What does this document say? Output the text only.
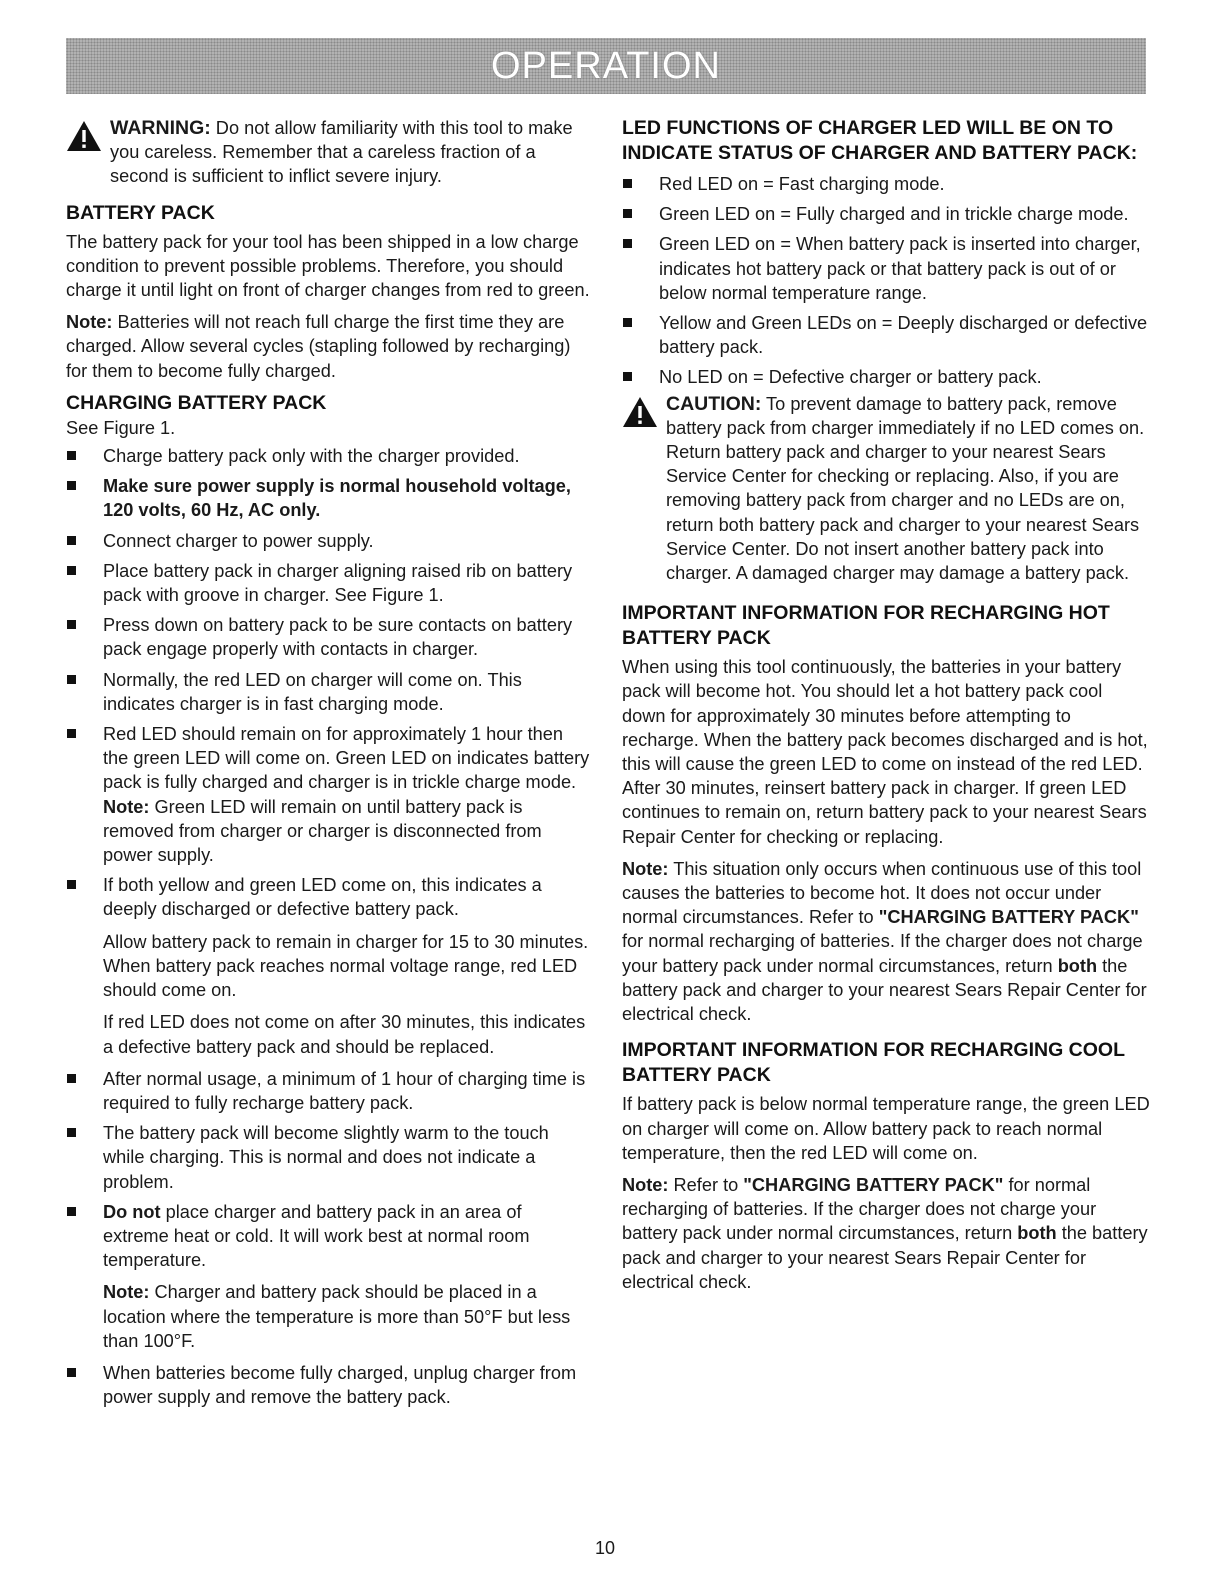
OPERATION
WARNING: Do not allow familiarity with this tool to make you careless. Remember that a careless fraction of a second is sufficient to inflict severe injury.
BATTERY PACK

The battery pack for your tool has been shipped in a low charge condition to prevent possible problems. Therefore, you should charge it until light on front of charger changes from red to green.

Note: Batteries will not reach full charge the first time they are charged. Allow several cycles (stapling followed by recharging) for them to become fully charged.

CHARGING BATTERY PACK

See Figure 1.

Charge battery pack only with the charger provided.
Make sure power supply is normal household voltage, 120 volts, 60 Hz, AC only.
Connect charger to power supply.
Place battery pack in charger aligning raised rib on battery pack with groove in charger. See Figure 1.
Press down on battery pack to be sure contacts on battery pack engage properly with contacts in charger.
Normally, the red LED on charger will come on. This indicates charger is in fast charging mode.
Red LED should remain on for approximately 1 hour then the green LED will come on. Green LED on indicates battery pack is fully charged and charger is in trickle charge mode. Note: Green LED will remain on until battery pack is removed from charger or charger is disconnected from power supply.
If both yellow and green LED come on, this indicates a deeply discharged or defective battery pack.

Allow battery pack to remain in charger for 15 to 30 minutes. When battery pack reaches normal voltage range, red LED should come on.

If red LED does not come on after 30 minutes, this indicates a defective battery pack and should be replaced.

After normal usage, a minimum of 1 hour of charging time is required to fully recharge battery pack.
The battery pack will become slightly warm to the touch while charging. This is normal and does not indicate a problem.
Do not place charger and battery pack in an area of extreme heat or cold. It will work best at normal room temperature.

Note: Charger and battery pack should be placed in a location where the temperature is more than 50°F but less than 100°F.

When batteries become fully charged, unplug charger from power supply and remove the battery pack.
LED FUNCTIONS OF CHARGER LED WILL BE ON TO INDICATE STATUS OF CHARGER AND BATTERY PACK:
Red LED on = Fast charging mode.
Green LED on = Fully charged and in trickle charge mode.
Green LED on = When battery pack is inserted into charger, indicates hot battery pack or that battery pack is out of or below normal temperature range.
Yellow and Green LEDs on = Deeply discharged or defective battery pack.
No LED on = Defective charger or battery pack.
CAUTION: To prevent damage to battery pack, remove battery pack from charger immediately if no LED comes on. Return battery pack and charger to your nearest Sears Service Center for checking or replacing. Also, if you are removing battery pack from charger and no LEDs are on, return both battery pack and charger to your nearest Sears Service Center. Do not insert another battery pack into charger. A damaged charger may damage a battery pack.
IMPORTANT INFORMATION FOR RECHARGING HOT BATTERY PACK

When using this tool continuously, the batteries in your battery pack will become hot. You should let a hot battery pack cool down for approximately 30 minutes before attempting to recharge. When the battery pack becomes discharged and is hot, this will cause the green LED to come on instead of the red LED. After 30 minutes, reinsert battery pack in charger. If green LED continues to remain on, return battery pack to your nearest Sears Repair Center for checking or replacing.

Note: This situation only occurs when continuous use of this tool causes the batteries to become hot. It does not occur under normal circumstances. Refer to "CHARGING BATTERY PACK" for normal recharging of batteries. If the charger does not charge your battery pack under normal circumstances, return both the battery pack and charger to your nearest Sears Repair Center for electrical check.

IMPORTANT INFORMATION FOR RECHARGING COOL BATTERY PACK

If battery pack is below normal temperature range, the green LED on charger will come on. Allow battery pack to reach normal temperature, then the red LED will come on.

Note: Refer to "CHARGING BATTERY PACK" for normal recharging of batteries. If the charger does not charge your battery pack under normal circumstances, return both the battery pack and charger to your nearest Sears Repair Center for electrical check.

10
